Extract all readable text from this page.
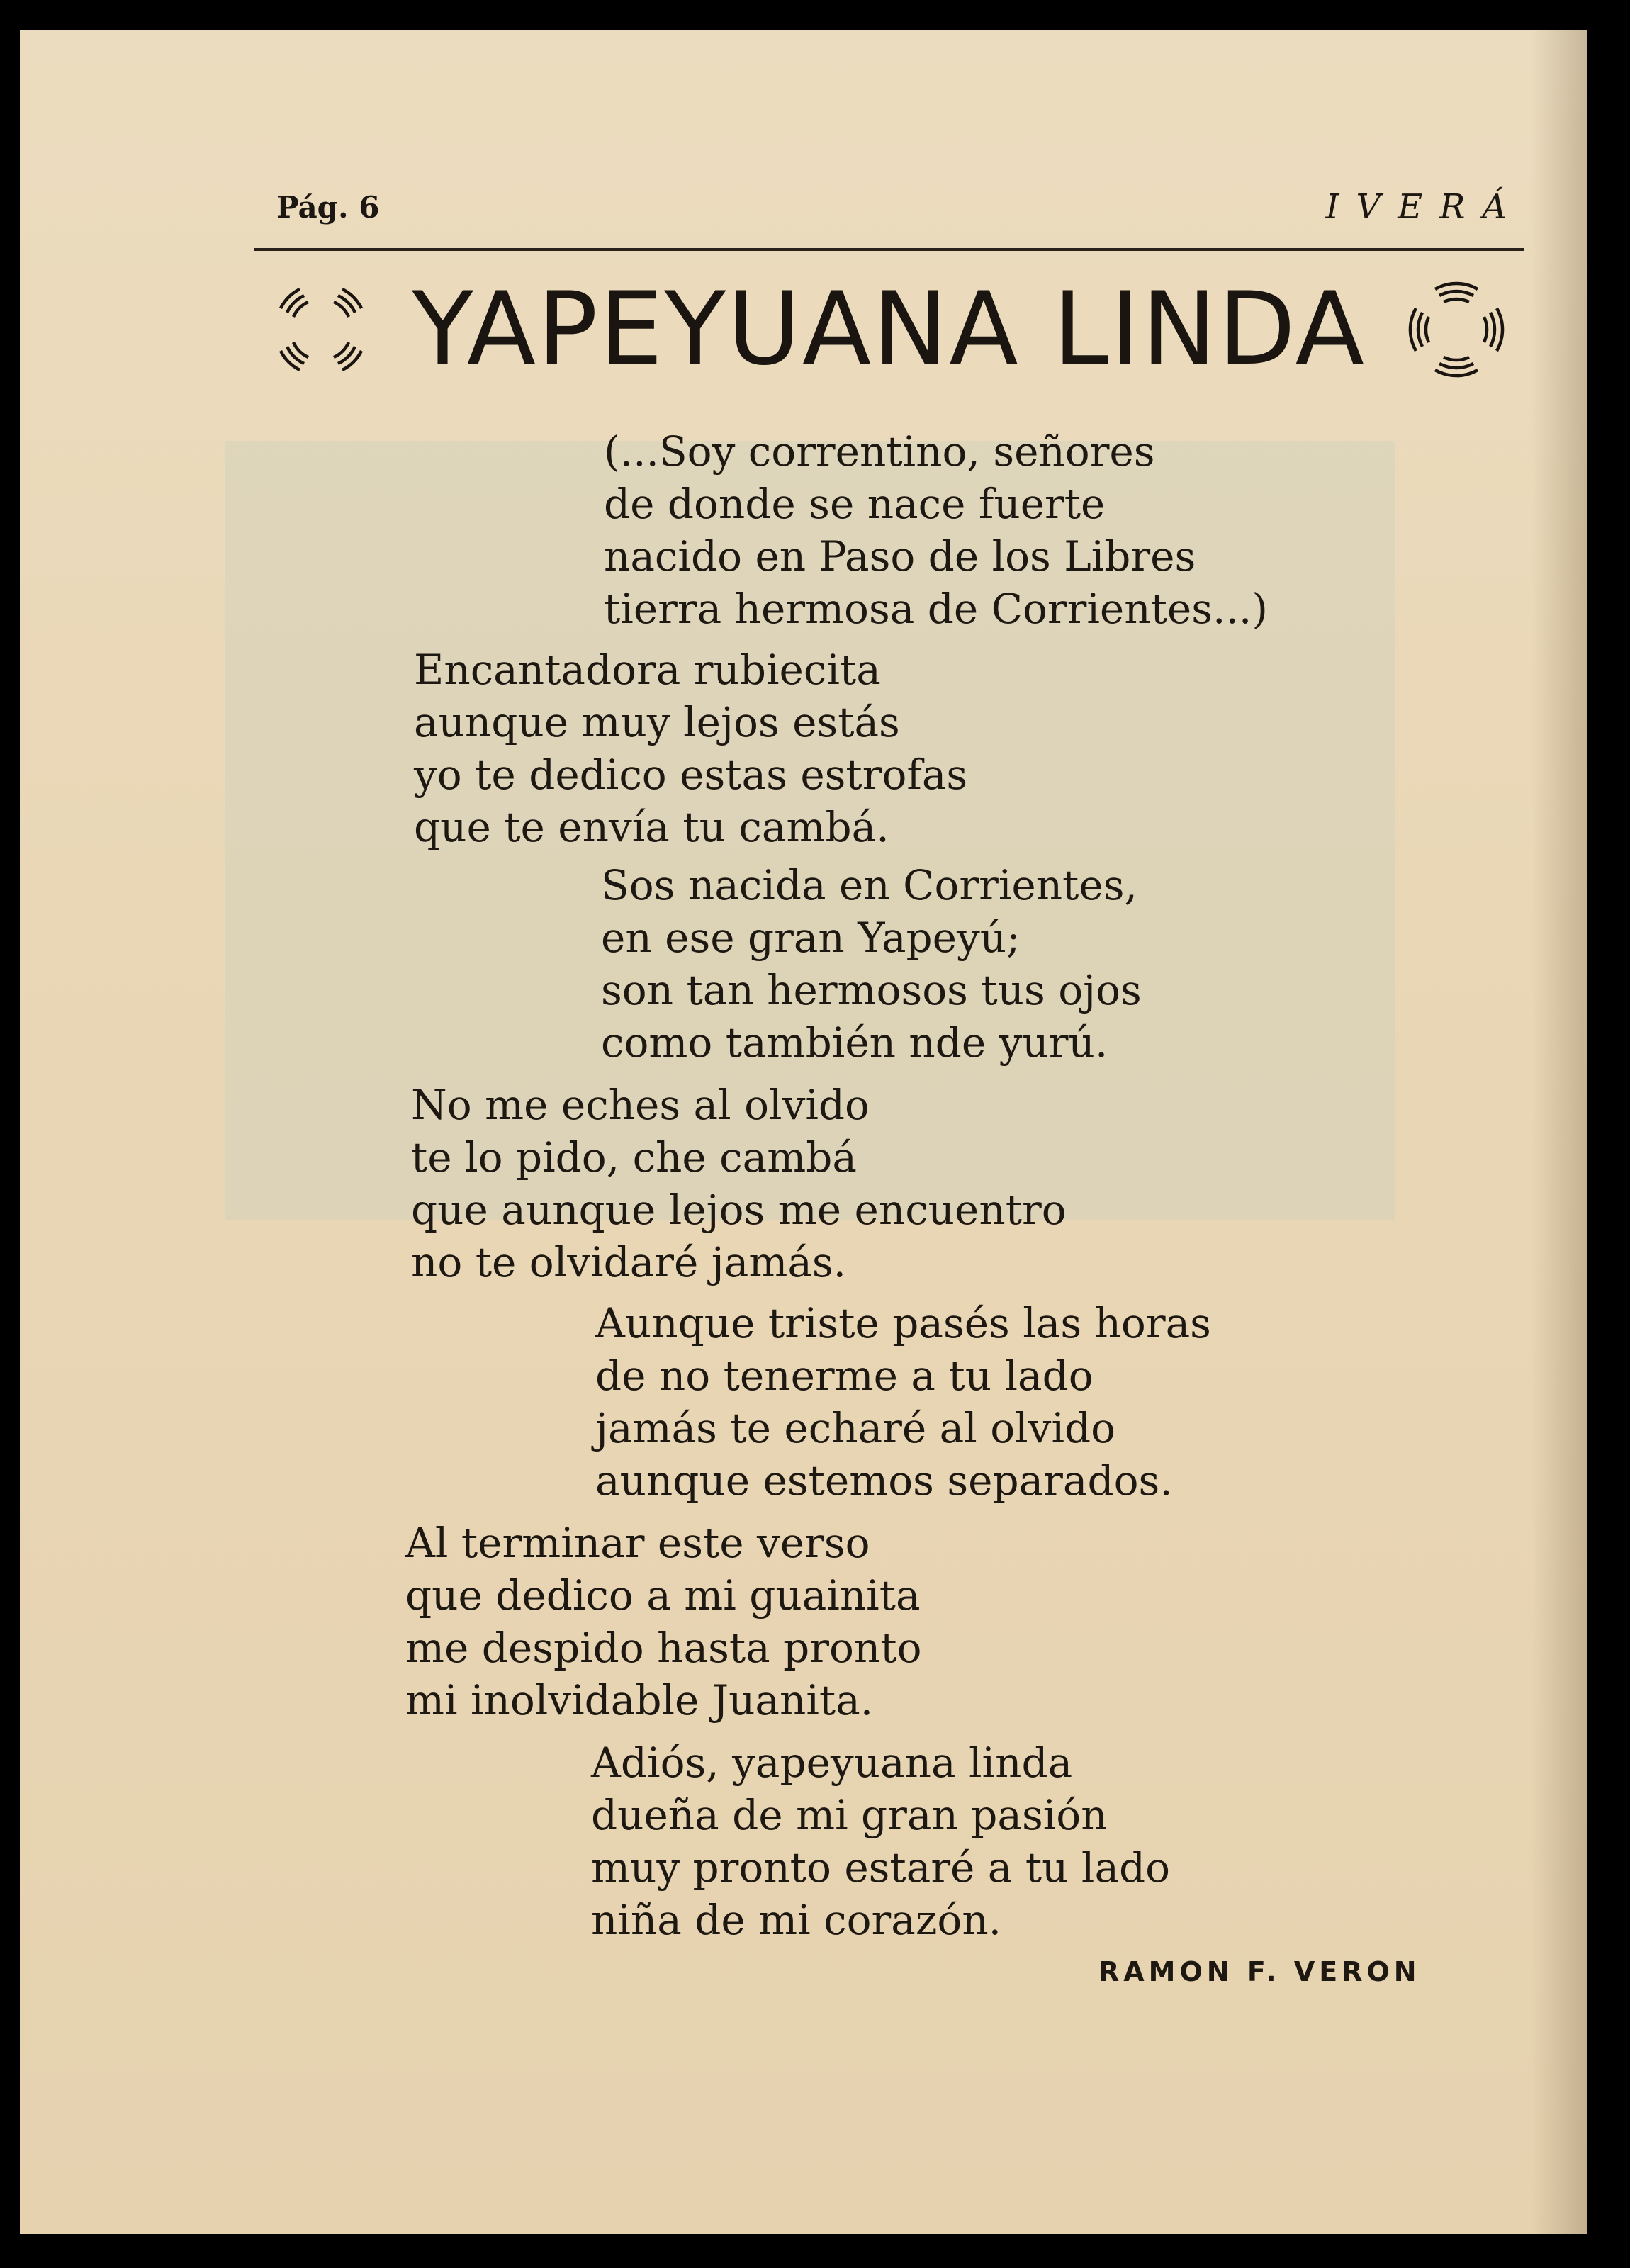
Pág. 6	IVERÁ
YAPEYUANA LINDA
(...Soy correntino, señores
de donde se nace fuerte
nacido en Paso de los Libres
tierra hermosa de Corrientes...)
Encantadora rubiecita
aunque muy lejos estás
yo te dedico estas estrofas
que te envía tu cambá.
Sos nacida en Corrientes,
en ese gran Yapeyú;
son tan hermosos tus ojos
como también nde yurú.
No me eches al olvido
te lo pido, che cambá
que aunque lejos me encuentro
no te olvidaré jamás.
Aunque triste pasés las horas
de no tenerme a tu lado
jamás te echaré al olvido
aunque estemos separados.
Al terminar este verso
que dedico a mi guainita
me despido hasta pronto
mi inolvidable Juanita.
Adiós, yapeyuana linda
dueña de mi gran pasión
muy pronto estaré a tu lado
niña de mi corazón.
RAMON F. VERON
